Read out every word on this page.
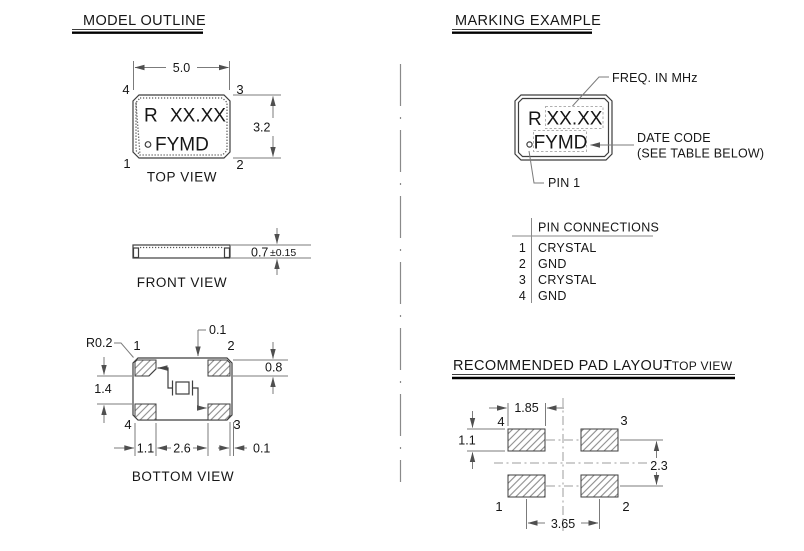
MODEL OUTLINE
5.0
4	3
1	2
R XX.XX
FYMD
3.2
TOP VIEW
0.7 ±0.15
FRONT VIEW
0.1
R0.2 1	2
4	3
0.8
1.4
1.1 2.6	0.1
BOTTOM VIEW
MARKING EXAMPLE
R XX.XX
FYMD
FREQ. IN MHz
DATE CODE
(SEE TABLE BELOW)
PIN 1
PIN CONNECTIONS
1 CRYSTAL
2 GND
3 CRYSTAL
4 GND
RECOMMENDED PAD LAYOUT
- TOP VIEW
4	3
1	2
1.85
1.1
2.3
3.65
